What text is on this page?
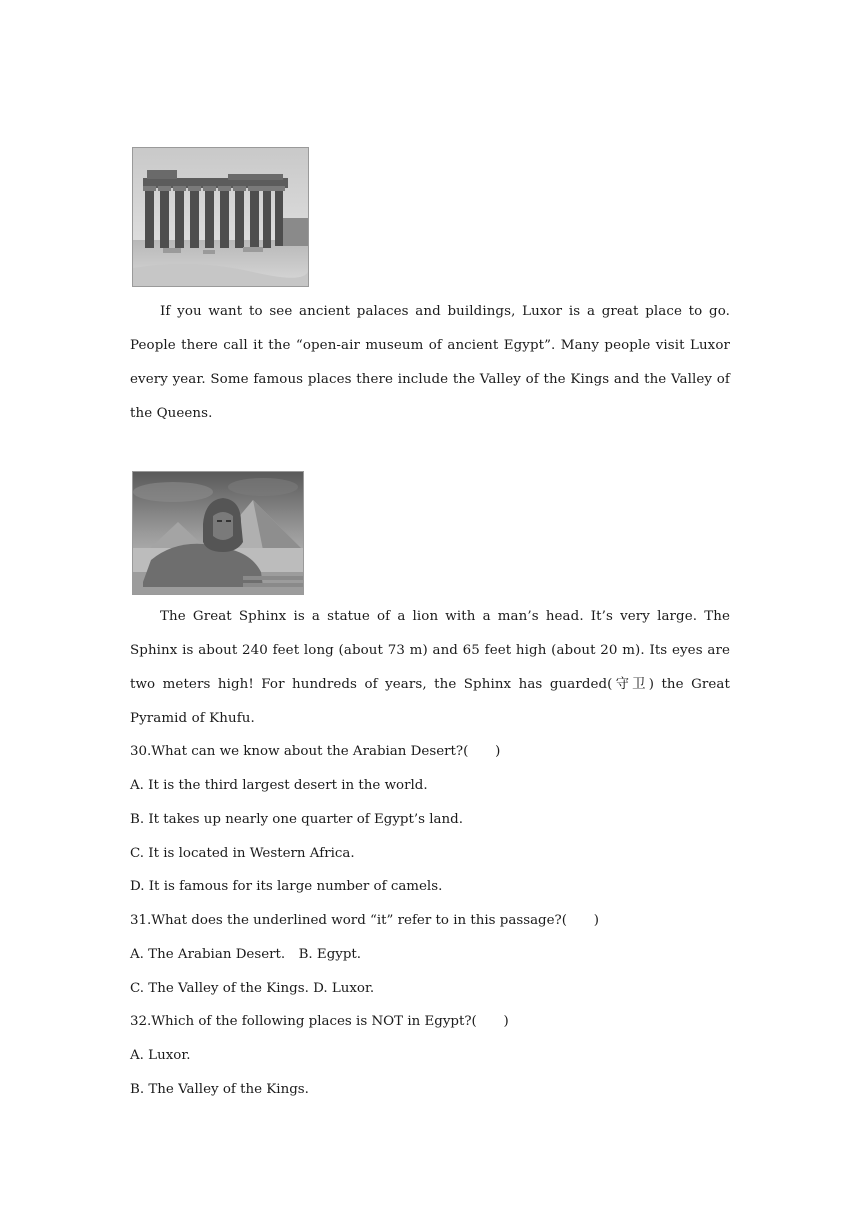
If you want to see ancient palaces and buildings, Luxor is a great place to go. People there call it the “open-air museum of ancient Egypt”. Many people visit Luxor every year. Some famous places there include the Valley of the Kings and the Valley of the Queens.
The Great Sphinx is a statue of a lion with a man’s head. It’s very large. The Sphinx is about 240 feet long (about 73 m) and 65 feet high (about 20 m). Its eyes are two meters high! For hundreds of years, the Sphinx has guarded(守卫) the Great Pyramid of Khufu.
30.What can we know about the Arabian Desert?(　　)
A. It is the third largest desert in the world.
B. It takes up nearly one quarter of Egypt’s land.
C. It is located in Western Africa.
D. It is famous for its large number of camels.
31.What does the underlined word “it” refer to in this passage?(　　)
A. The Arabian Desert.　B. Egypt.
C. The Valley of the Kings. D. Luxor.
32.Which of the following places is NOT in Egypt?(　　)
A. Luxor.
B. The Valley of the Kings.
